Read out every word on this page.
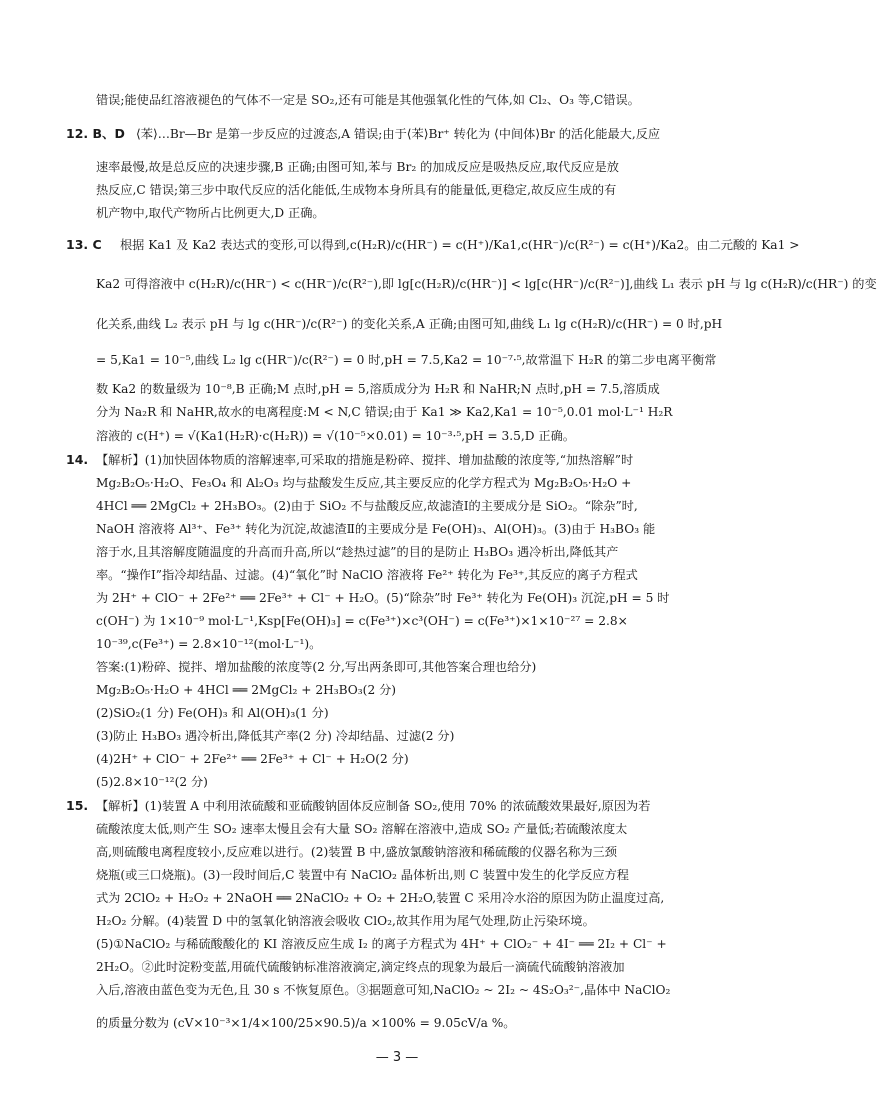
错误;能使品红溶液褪色的气体不一定是 SO₂,还有可能是其他强氧化性的气体,如 Cl₂、O₃ 等,C错误。
12. B、D ⟨苯⟩…Br—Br 是第一步反应的过渡态,A 错误;由于⟨苯⟩Br⁺ 转化为 ⟨中间体⟩Br 的活化能最大,反应
速率最慢,故是总反应的决速步骤,B 正确;由图可知,苯与 Br₂ 的加成反应是吸热反应,取代反应是放
热反应,C 错误;第三步中取代反应的活化能低,生成物本身所具有的能量低,更稳定,故反应生成的有
机产物中,取代产物所占比例更大,D 正确。
13. C 根据 Ka1 及 Ka2 表达式的变形,可以得到,c(H₂R)/c(HR⁻) = c(H⁺)/Ka1,c(HR⁻)/c(R²⁻) = c(H⁺)/Ka2。由二元酸的 Ka1 >
Ka2 可得溶液中 c(H₂R)/c(HR⁻) < c(HR⁻)/c(R²⁻),即 lg[c(H₂R)/c(HR⁻)] < lg[c(HR⁻)/c(R²⁻)],曲线 L₁ 表示 pH 与 lg c(H₂R)/c(HR⁻) 的变
化关系,曲线 L₂ 表示 pH 与 lg c(HR⁻)/c(R²⁻) 的变化关系,A 正确;由图可知,曲线 L₁ lg c(H₂R)/c(HR⁻) = 0 时,pH
= 5,Ka1 = 10⁻⁵,曲线 L₂ lg c(HR⁻)/c(R²⁻) = 0 时,pH = 7.5,Ka2 = 10⁻⁷·⁵,故常温下 H₂R 的第二步电离平衡常
数 Ka2 的数量级为 10⁻⁸,B 正确;M 点时,pH = 5,溶质成分为 H₂R 和 NaHR;N 点时,pH = 7.5,溶质成
分为 Na₂R 和 NaHR,故水的电离程度:M < N,C 错误;由于 Ka1 ≫ Ka2,Ka1 = 10⁻⁵,0.01 mol·L⁻¹ H₂R
溶液的 c(H⁺) = √(Ka1(H₂R)·c(H₂R)) = √(10⁻⁵×0.01) = 10⁻³·⁵,pH = 3.5,D 正确。
14. 【解析】(1)加快固体物质的溶解速率,可采取的措施是粉碎、搅拌、增加盐酸的浓度等,“加热溶解”时
Mg₂B₂O₅·H₂O、Fe₃O₄ 和 Al₂O₃ 均与盐酸发生反应,其主要反应的化学方程式为 Mg₂B₂O₅·H₂O +
4HCl ══ 2MgCl₂ + 2H₃BO₃。(2)由于 SiO₂ 不与盐酸反应,故滤渣Ⅰ的主要成分是 SiO₂。“除杂”时,
NaOH 溶液将 Al³⁺、Fe³⁺ 转化为沉淀,故滤渣Ⅱ的主要成分是 Fe(OH)₃、Al(OH)₃。(3)由于 H₃BO₃ 能
溶于水,且其溶解度随温度的升高而升高,所以“趁热过滤”的目的是防止 H₃BO₃ 遇冷析出,降低其产
率。“操作Ⅰ”指冷却结晶、过滤。(4)“氧化”时 NaClO 溶液将 Fe²⁺ 转化为 Fe³⁺,其反应的离子方程式
为 2H⁺ + ClO⁻ + 2Fe²⁺ ══ 2Fe³⁺ + Cl⁻ + H₂O。(5)“除杂”时 Fe³⁺ 转化为 Fe(OH)₃ 沉淀,pH = 5 时
c(OH⁻) 为 1×10⁻⁹ mol·L⁻¹,Ksp[Fe(OH)₃] = c(Fe³⁺)×c³(OH⁻) = c(Fe³⁺)×1×10⁻²⁷ = 2.8×
10⁻³⁹,c(Fe³⁺) = 2.8×10⁻¹²(mol·L⁻¹)。
答案:(1)粉碎、搅拌、增加盐酸的浓度等(2 分,写出两条即可,其他答案合理也给分)
Mg₂B₂O₅·H₂O + 4HCl ══ 2MgCl₂ + 2H₃BO₃(2 分)
(2)SiO₂(1 分) Fe(OH)₃ 和 Al(OH)₃(1 分)
(3)防止 H₃BO₃ 遇冷析出,降低其产率(2 分) 冷却结晶、过滤(2 分)
(4)2H⁺ + ClO⁻ + 2Fe²⁺ ══ 2Fe³⁺ + Cl⁻ + H₂O(2 分)
(5)2.8×10⁻¹²(2 分)
15. 【解析】(1)装置 A 中利用浓硫酸和亚硫酸钠固体反应制备 SO₂,使用 70% 的浓硫酸效果最好,原因为若
硫酸浓度太低,则产生 SO₂ 速率太慢且会有大量 SO₂ 溶解在溶液中,造成 SO₂ 产量低;若硫酸浓度太
高,则硫酸电离程度较小,反应难以进行。(2)装置 B 中,盛放氯酸钠溶液和稀硫酸的仪器名称为三颈
烧瓶(或三口烧瓶)。(3)一段时间后,C 装置中有 NaClO₂ 晶体析出,则 C 装置中发生的化学反应方程
式为 2ClO₂ + H₂O₂ + 2NaOH ══ 2NaClO₂ + O₂ + 2H₂O,装置 C 采用冷水浴的原因为防止温度过高,
H₂O₂ 分解。(4)装置 D 中的氢氧化钠溶液会吸收 ClO₂,故其作用为尾气处理,防止污染环境。
(5)①NaClO₂ 与稀硫酸酸化的 KI 溶液反应生成 I₂ 的离子方程式为 4H⁺ + ClO₂⁻ + 4I⁻ ══ 2I₂ + Cl⁻ +
2H₂O。②此时淀粉变蓝,用硫代硫酸钠标准溶液滴定,滴定终点的现象为最后一滴硫代硫酸钠溶液加
入后,溶液由蓝色变为无色,且 30 s 不恢复原色。③据题意可知,NaClO₂ ~ 2I₂ ~ 4S₂O₃²⁻,晶体中 NaClO₂
的质量分数为 (cV×10⁻³×1/4×100/25×90.5)/a ×100% = 9.05cV/a %。
— 3 —
